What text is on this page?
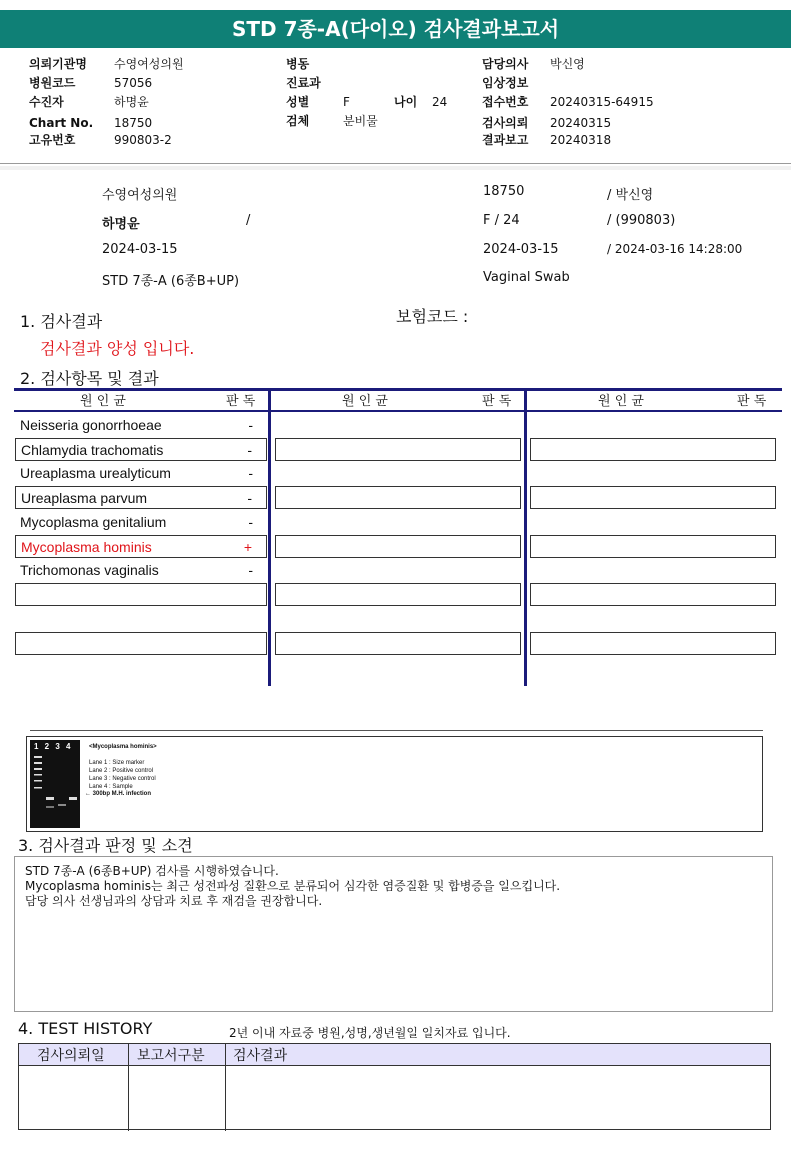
STD 7종-A(다이오) 검사결과보고서
의뢰기관명 수영여성의원
병원코드	57056
수진자	하명윤
Chart No. 18750
고유번호	990803-2
병동
진료과
성별	F	나이 24
검체	분비물
담당의사 박신영
임상정보
접수번호 20240315-64915
검사의뢰 20240315
결과보고 20240318
수영여성의원
하명윤	/
2024-03-15
STD 7종-A (6종B+UP)
18750	/ 박신영
F / 24	/ (990803)
2024-03-15	/ 2024-03-16 14:28:00
Vaginal Swab
1. 검사결과	보험코드 :
검사결과 양성 입니다.
2. 검사항목 및 결과
원 인 균	판 독	원 인 균	판 독	원 인 균	판 독
Neisseria gonorrhoeae	-
Chlamydia trachomatis	-
Ureaplasma urealyticum	-
Ureaplasma parvum	-
Mycoplasma genitalium	-
Mycoplasma hominis	+
Trichomonas vaginalis	-
1 2 3 4	<Mycoplasma hominis>
Lane 1 : Size marker
Lane 2 : Positive control
Lane 3 : Negative control
Lane 4 : Sample
← 300bp M.H. infection
3. 검사결과 판정 및 소견
STD 7종-A (6종B+UP) 검사를 시행하였습니다.
Mycoplasma hominis는 최근 성전파성 질환으로 분류되어 심각한 염증질환 및 합병증을 일으킵니다.
담당 의사 선생님과의 상담과 치료 후 재검을 권장합니다.
4. TEST HISTORY	2년 이내 자료중 병원,성명,생년월일 일치자료 입니다.
검사의뢰일 보고서구분 검사결과
